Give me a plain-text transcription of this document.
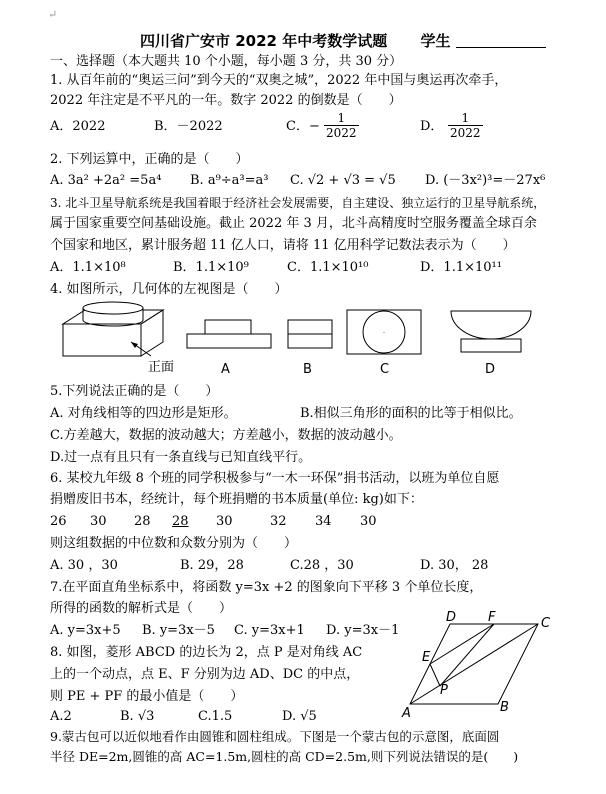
↵
四川省广安市 2022 年中考数学试题 学生
一、选择题（本大题共 10 个小题，每小题 3 分，共 30 分）
1. 从百年前的“奥运三问”到今天的“双奥之城”，2022 年中国与奥运再次牵手，
2022 年注定是不平凡的一年。数字 2022 的倒数是（　　）
A．2022	B．－2022	C．− $\frac{1}{2022}$	D． $\frac{1}{2022}$
2. 下列运算中，正确的是（　　）
A. 3a² +2a² =5a⁴ B. a⁹÷a³=a³ C. √2 + √3 = √5 D. (－3x²)³=－27x⁶
3. 北斗卫星导航系统是我国着眼于经济社会发展需要，自主建设、独立运行的卫星导航系统，
属于国家重要空间基础设施。截止 2022 年 3 月，北斗高精度时空服务覆盖全球百余
个国家和地区，累计服务超 11 亿人口，请将 11 亿用科学记数法表示为（　　）
A．1.1×10⁸	B．1.1×10⁹	C．1.1×10¹⁰	D．1.1×10¹¹
4. 如图所示，几何体的左视图是（　　）
正面	A	B	C	D
5.下列说法正确的是（　　）
A. 对角线相等的四边形是矩形。	B.相似三角形的面积的比等于相似比。
C.方差越大，数据的波动越大；方差越小，数据的波动越小。
D.过一点有且只有一条直线与已知直线平行。
6. 某校九年级 8 个班的同学积极参与“一木一环保”捐书活动，以班为单位自愿
捐赠废旧书本，经统计，每个班捐赠的书本质量(单位: kg)如下：
26 30 28 28 30	32 34 30
则这组数据的中位数和众数分别为（　　）
A. 30 ，30	B. 29，28	C.28 ，30	D. 30， 28
7.在平面直角坐标系中，将函数 y=3x +2 的图象向下平移 3 个单位长度，
所得的函数的解析式是（　　）
A. y=3x+5 B. y=3x－5 C. y=3x+1 D. y=3x－1
8. 如图，菱形 ABCD 的边长为 2，点 P 是对角线 AC
上的一个动点，点 E、F 分别为边 AD、DC 的中点，
则 PE + PF 的最小值是（　　）
A.2	B. √3	C.1.5	D. √5
D F	C
E
P
A	B
9.蒙古包可以近似地看作由圆锥和圆柱组成。下图是一个蒙古包的示意图，底面圆
半径 DE=2m,圆锥的高 AC=1.5m,圆柱的高 CD=2.5m,则下列说法错误的是(　　)
